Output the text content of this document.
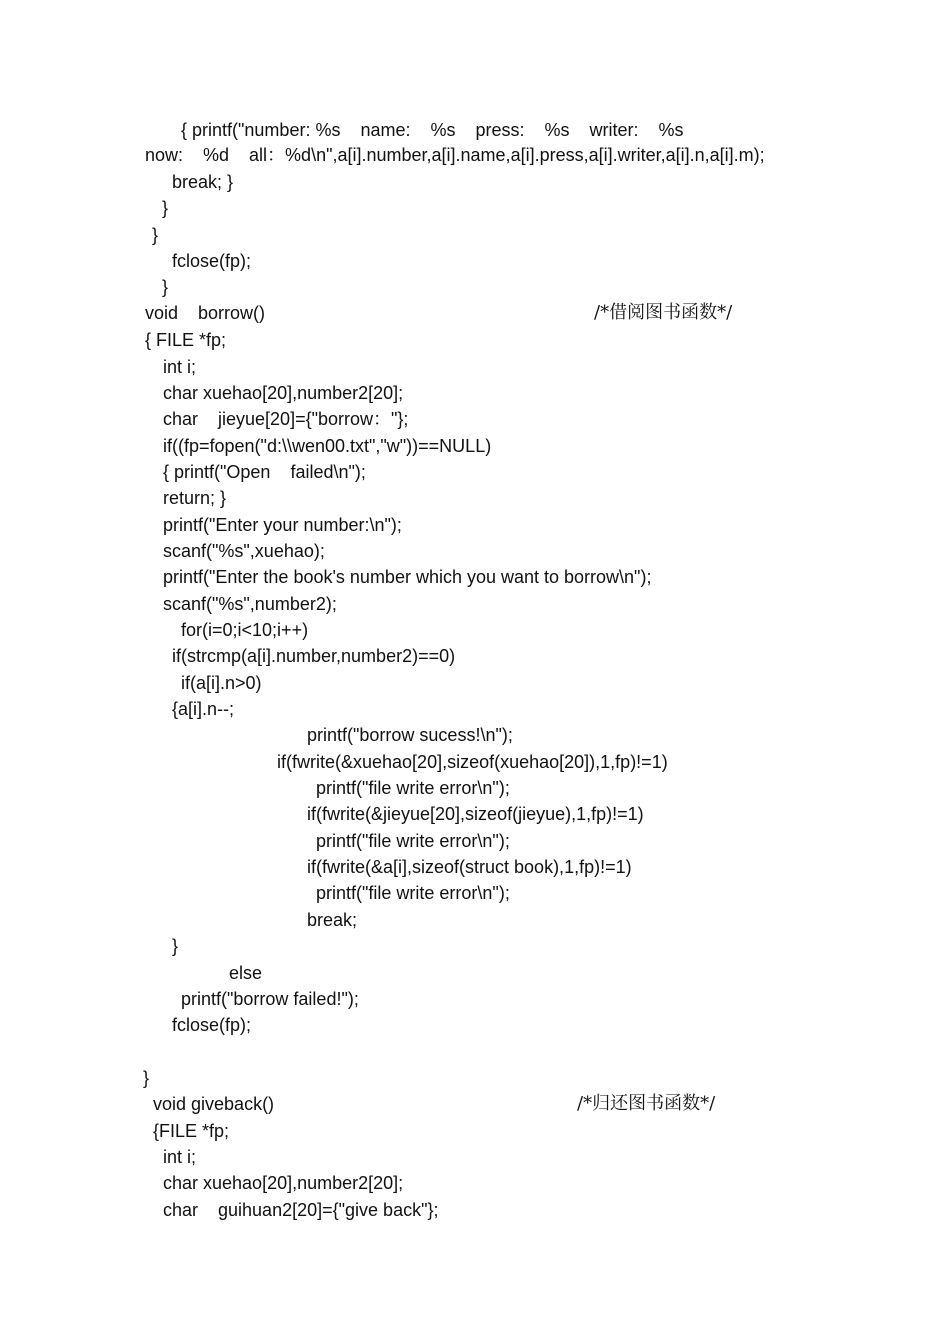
{ printf("number: %s    name:    %s    press:    %s    writer:    %s
now:    %d    all：%d\n",a[i].number,a[i].name,a[i].press,a[i].writer,a[i].n,a[i].m);
break; }
}
}
fclose(fp);
}
void    borrow()	/*借阅图书函数*/
{ FILE *fp;
int i;
char xuehao[20],number2[20];
char    jieyue[20]={"borrow："};
if((fp=fopen("d:\\wen00.txt","w"))==NULL)
{ printf("Open    failed\n");
return; }
printf("Enter your number:\n");
scanf("%s",xuehao);
printf("Enter the book's number which you want to borrow\n");
scanf("%s",number2);
for(i=0;i<10;i++)
if(strcmp(a[i].number,number2)==0)
if(a[i].n>0)
{a[i].n--;
printf("borrow sucess!\n");
if(fwrite(&xuehao[20],sizeof(xuehao[20]),1,fp)!=1)
printf("file write error\n");
if(fwrite(&jieyue[20],sizeof(jieyue),1,fp)!=1)
printf("file write error\n");
if(fwrite(&a[i],sizeof(struct book),1,fp)!=1)
printf("file write error\n");
break;
}
else
printf("borrow failed!");
fclose(fp);
}
void giveback()	/*归还图书函数*/
{FILE *fp;
int i;
char xuehao[20],number2[20];
char    guihuan2[20]={"give back"};
